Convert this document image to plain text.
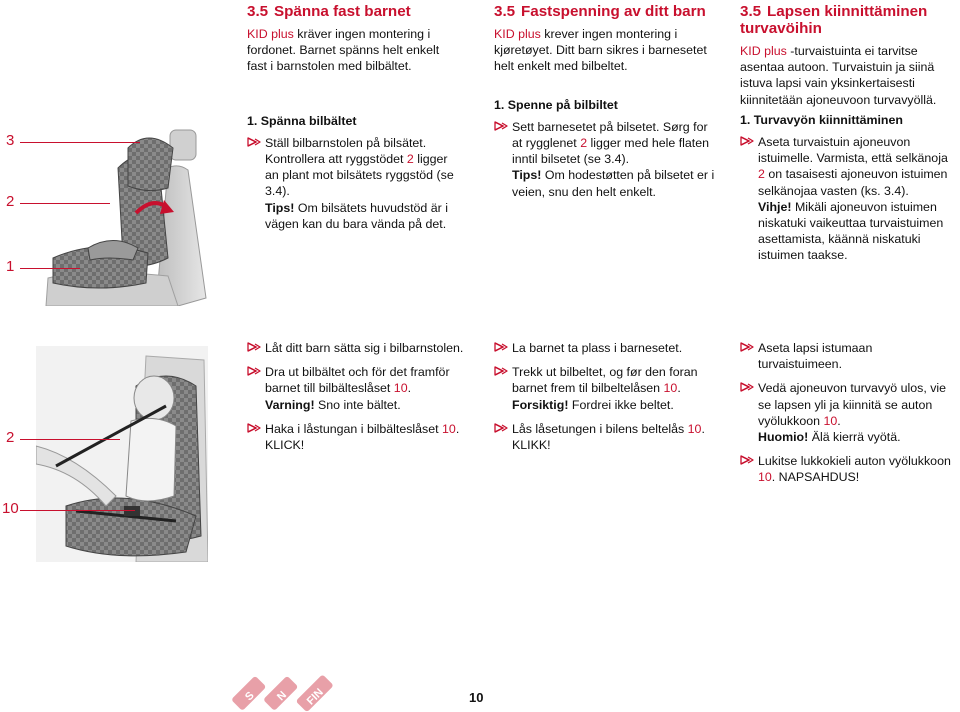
3
2
1
2
10
3.5 Spänna fast barnet

KID plus kräver ingen montering i fordonet. Barnet spänns helt enkelt fast i barnstolen med bilbältet.

1. Spänna bilbältet

Ställ bilbarnstolen på bilsätet.
Kontrollera att ryggstödet 2 ligger an plant mot bilsätets ryggstöd (se 3.4).
Tips! Om bilsätets huvudstöd är i vägen kan du bara vända på det.
Låt ditt barn sätta sig i bilbarnstolen.
Dra ut bilbältet och för det framför barnet till bilbälteslåset 10.
Varning! Sno inte bältet.
Haka i låstungan i bilbälteslåset 10.
KLICK!
3.5 Fastspenning av ditt barn

KID plus krever ingen montering i kjøretøyet. Ditt barn sikres i barnesetet helt enkelt med bilbeltet.

1. Spenne på bilbiltet

Sett barnesetet på bilsetet. Sørg for at rygglenet 2 ligger med hele flaten inntil bilsetet (se 3.4).
Tips! Om hodestøtten på bilsetet er i veien, snu den helt enkelt.
La barnet ta plass i barnesetet.
Trekk ut bilbeltet, og før den foran barnet frem til bilbeltelåsen 10.
Forsiktig! Fordrei ikke beltet.
Lås låsetungen i bilens beltelås 10.
KLIKK!
3.5 Lapsen kiinnittäminen turvavöihin

KID plus -turvaistuinta ei tarvitse asentaa autoon. Turvaistuin ja siinä istuva lapsi vain yksinkertaisesti kiinnitetään ajoneuvoon turvavyöllä.

1. Turvavyön kiinnittäminen

Aseta turvaistuin ajoneuvon istuimelle. Varmista, että selkänoja 2 on tasaisesti ajoneuvon istuimen selkänojaa vasten (ks. 3.4).
Vihje! Mikäli ajoneuvon istuimen niskatuki vaikeuttaa turvaistuimen asettamista, käännä niskatuki istuimen taakse.
Aseta lapsi istumaan turvaistuimeen.
Vedä ajoneuvon turvavyö ulos, vie se lapsen yli ja kiinnitä se auton vyölukkoon 10.
Huomio! Älä kierrä vyötä.
Lukitse lukkokieli auton vyölukkoon 10. NAPSAHDUS!
S N FIN	10
